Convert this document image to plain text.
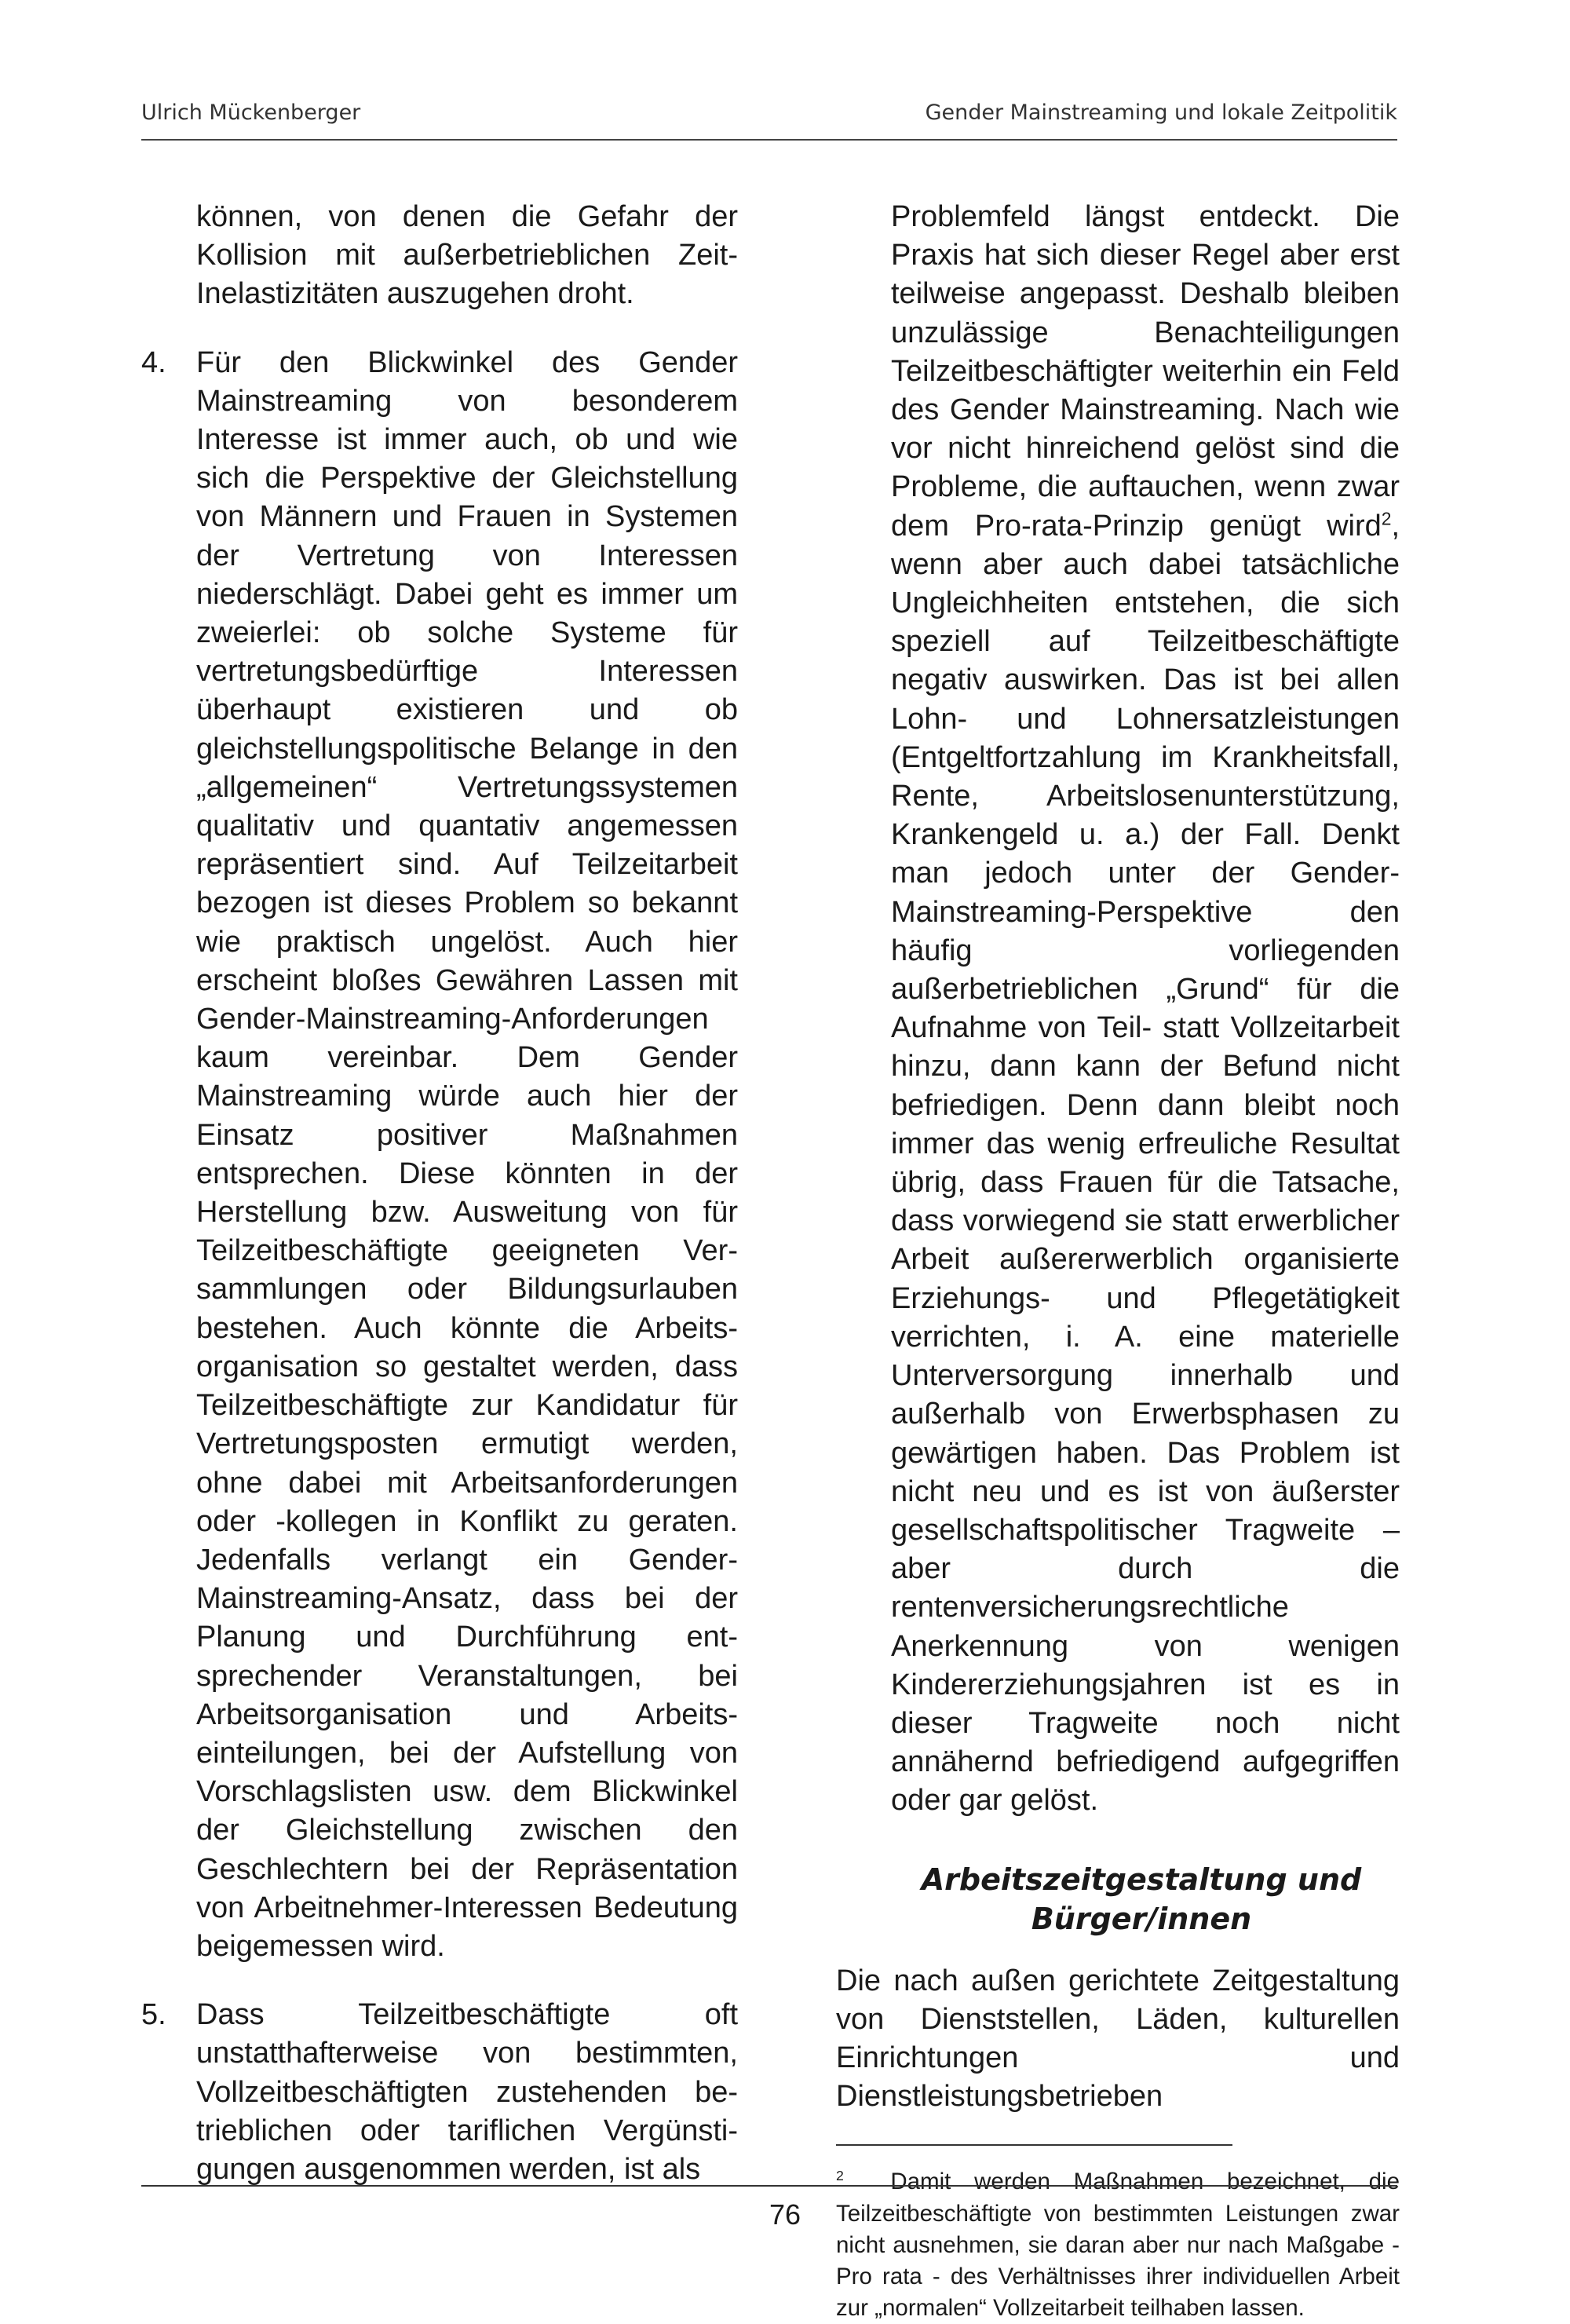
Ulrich Mückenberger	Gender Mainstreaming und lokale Zeitpolitik

können, von denen die Gefahr der Kollision mit außerbetrieblichen Zeit-Inelastizitäten auszugehen droht.

4.	Für den Blickwinkel des Gender Mainstreaming von besonderem Interesse ist immer auch, ob und wie sich die Perspektive der Gleichstellung von Männern und Frauen in Systemen der Vertretung von Interessen niederschlägt. Dabei geht es immer um zweierlei: ob solche Systeme für vertretungsbedürftige Interessen überhaupt existieren und ob gleichstellungspolitische Belange in den „allgemeinen“ Vertretungssystemen qualitativ und quantativ angemessen repräsentiert sind. Auf Teilzeitarbeit bezogen ist dieses Problem so bekannt wie praktisch ungelöst. Auch hier erscheint bloßes Gewähren Lassen mit Gender-Mainstreaming-Anforderungen kaum vereinbar. Dem Gender Mainstreaming würde auch hier der Einsatz positiver Maßnahmen entsprechen. Diese könnten in der Herstellung bzw. Ausweitung von für Teilzeitbeschäftigte geeigneten Versammlungen oder Bildungsurlauben bestehen. Auch könnte die Arbeitsorganisation so gestaltet werden, dass Teilzeitbeschäftigte zur Kandidatur für Vertretungsposten ermutigt werden, ohne dabei mit Arbeitsanforderungen oder -kollegen in Konflikt zu geraten. Jedenfalls verlangt ein Gender-Mainstreaming-Ansatz, dass bei der Planung und Durchführung entsprechender Veranstaltungen, bei Arbeitsorganisation und Arbeitseinteilungen, bei der Aufstellung von Vorschlagslisten usw. dem Blickwinkel der Gleichstellung zwischen den Geschlechtern bei der Repräsentation von Arbeitnehmer-Interessen Bedeutung beigemessen wird.

5.	Dass Teilzeitbeschäftigte oft unstatthafterweise von bestimmten, Vollzeitbeschäftigten zustehenden betrieblichen oder tariflichen Vergünstigungen ausgenommen werden, ist als

Problemfeld längst entdeckt. Die Praxis hat sich dieser Regel aber erst teilweise angepasst. Deshalb bleiben unzulässige Benachteiligungen Teilzeitbeschäftigter weiterhin ein Feld des Gender Mainstreaming. Nach wie vor nicht hinreichend gelöst sind die Probleme, die auftauchen, wenn zwar dem Pro-rata-Prinzip genügt wird$^2$, wenn aber auch dabei tatsächliche Ungleichheiten entstehen, die sich speziell auf Teilzeitbeschäftigte negativ auswirken. Das ist bei allen Lohn- und Lohnersatzleistungen (Entgeltfortzahlung im Krankheitsfall, Rente, Arbeitslosenunterstützung, Krankengeld u. a.) der Fall. Denkt man jedoch unter der Gender-Mainstreaming-Perspektive den häufig vorliegenden außerbetrieblichen „Grund“ für die Aufnahme von Teil- statt Vollzeitarbeit hinzu, dann kann der Befund nicht befriedigen. Denn dann bleibt noch immer das wenig erfreuliche Resultat übrig, dass Frauen für die Tatsache, dass vorwiegend sie statt erwerblicher Arbeit außererwerblich organisierte Erziehungs- und Pflegetätigkeit verrichten, i. A. eine materielle Unterversorgung innerhalb und außerhalb von Erwerbsphasen zu gewärtigen haben. Das Problem ist nicht neu und es ist von äußerster gesellschaftspolitischer Tragweite – aber durch die rentenversicherungsrechtliche Anerkennung von wenigen Kindererziehungsjahren ist es in dieser Tragweite noch nicht annähernd befriedigend aufgegriffen oder gar gelöst.

Arbeitszeitgestaltung und
Bürger/innen

Die nach außen gerichtete Zeitgestaltung von Dienststellen, Läden, kulturellen Einrichtungen und Dienstleistungsbetrieben

$^2$ Damit werden Maßnahmen bezeichnet, die Teilzeitbeschäftigte von bestimmten Leistungen zwar nicht ausnehmen, sie daran aber nur nach Maßgabe - Pro rata - des Verhältnisses ihrer individuellen Arbeit zur „normalen“ Vollzeitarbeit teilhaben lassen.

76
